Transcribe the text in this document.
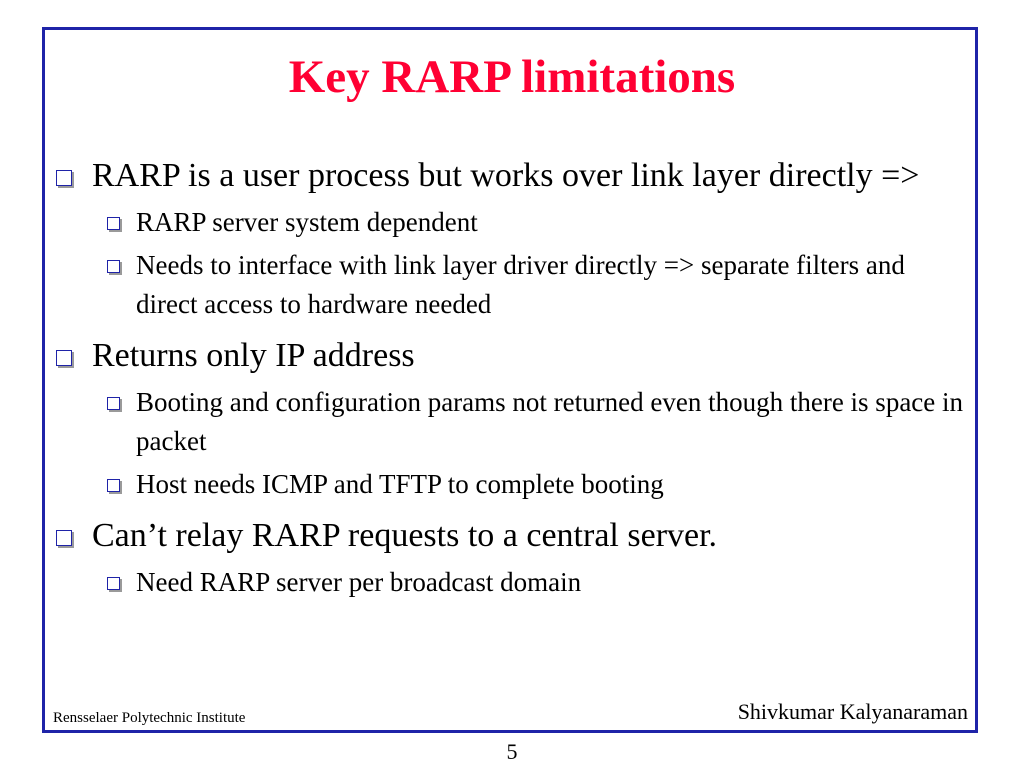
Key RARP limitations
RARP is a user process but works over link layer directly =>
RARP server system dependent
Needs to interface with link layer driver directly => separate filters and direct access to hardware needed
Returns only IP address
Booting and configuration params not returned even though there is space in packet
Host needs ICMP and TFTP to complete booting
Can’t relay RARP requests to a central server.
Need RARP server per broadcast domain
Rensselaer Polytechnic Institute	Shivkumar Kalyanaraman
5
